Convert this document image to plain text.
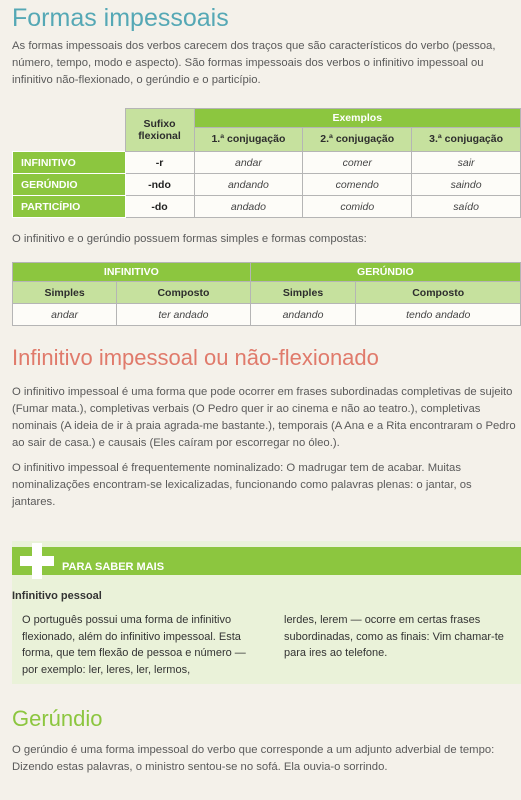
Formas impessoais
As formas impessoais dos verbos carecem dos traços que são característicos do verbo (pessoa, número, tempo, modo e aspecto). São formas impessoais dos verbos o infinitivo impessoal ou infinitivo não-flexionado, o gerúndio e o particípio.
	Sufixo flexional	Exemplos		
		1.ª conjugação	2.ª conjugação	3.ª conjugação
INFINITIVO	-r	andar	comer	sair
GERÚNDIO	-ndo	andando	comendo	saindo
PARTICÍPIO	-do	andado	comido	saído
O infinitivo e o gerúndio possuem formas simples e formas compostas:
INFINITIVO		GERÚNDIO	
Simples	Composto	Simples	Composto
andar	ter andado	andando	tendo andado
Infinitivo impessoal ou não-flexionado
O infinitivo impessoal é uma forma que pode ocorrer em frases subordinadas completivas de sujeito (Fumar mata.), completivas verbais (O Pedro quer ir ao cinema e não ao teatro.), completivas nominais (A ideia de ir à praia agrada-me bastante.), temporais (A Ana e a Rita encontraram o Pedro ao sair de casa.) e causais (Eles caíram por escorregar no óleo.).
O infinitivo impessoal é frequentemente nominalizado: O madrugar tem de acabar. Muitas nominalizações encontram-se lexicalizadas, funcionando como palavras plenas: o jantar, os jantares.
PARA SABER MAIS
Infinitivo pessoal
O português possui uma forma de infinitivo flexionado, além do infinitivo impessoal. Esta forma, que tem flexão de pessoa e número — por exemplo: ler, leres, ler, lermos,
lerdes, lerem — ocorre em certas frases subordinadas, como as finais: Vim chamar-te para ires ao telefone.
Gerúndio
O gerúndio é uma forma impessoal do verbo que corresponde a um adjunto adverbial de tempo: Dizendo estas palavras, o ministro sentou-se no sofá. Ela ouvia-o sorrindo.
